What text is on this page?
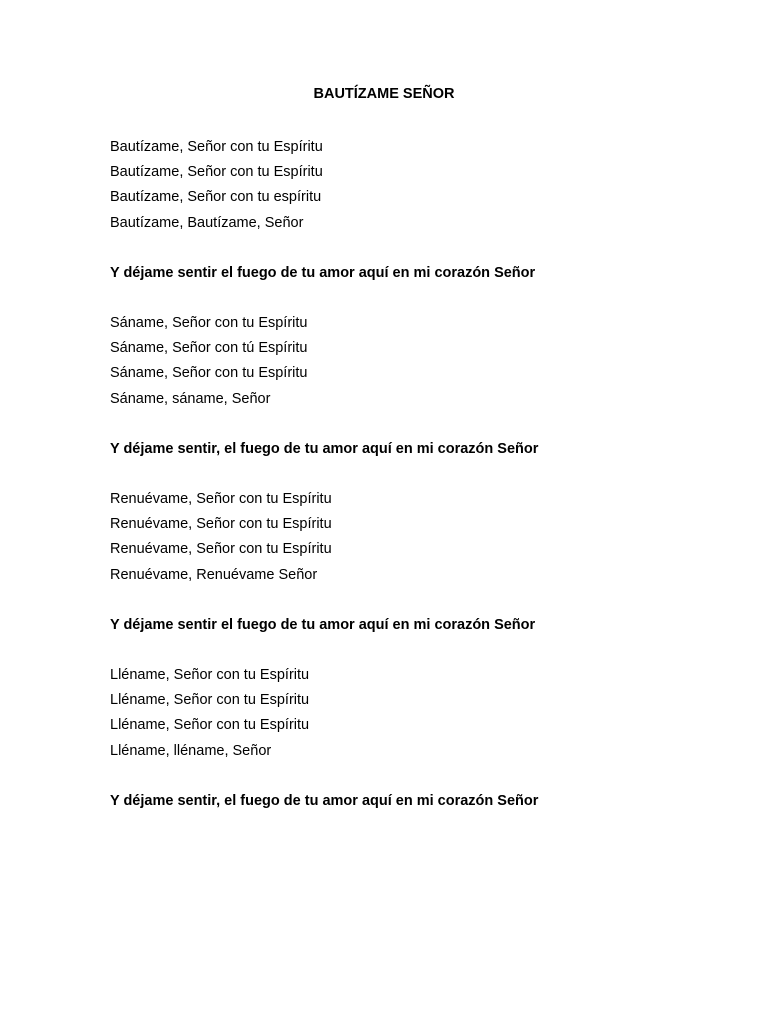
BAUTÍZAME SEÑOR
Bautízame, Señor con tu Espíritu
Bautízame, Señor con tu Espíritu
Bautízame, Señor con tu espíritu
Bautízame, Bautízame, Señor
Y déjame sentir el fuego de tu amor aquí en mi corazón Señor
Sáname, Señor con tu Espíritu
Sáname, Señor con tú Espíritu
Sáname, Señor con tu Espíritu
Sáname, sáname, Señor
Y déjame sentir, el fuego de tu amor aquí en mi corazón Señor
Renuévame, Señor con tu Espíritu
Renuévame, Señor con tu Espíritu
Renuévame, Señor con tu Espíritu
Renuévame, Renuévame Señor
Y déjame sentir el fuego de tu amor aquí en mi corazón Señor
Lléname, Señor con tu Espíritu
Lléname, Señor con tu Espíritu
Lléname, Señor con tu Espíritu
Lléname, lléname, Señor
Y déjame sentir, el fuego de tu amor aquí en mi corazón Señor
